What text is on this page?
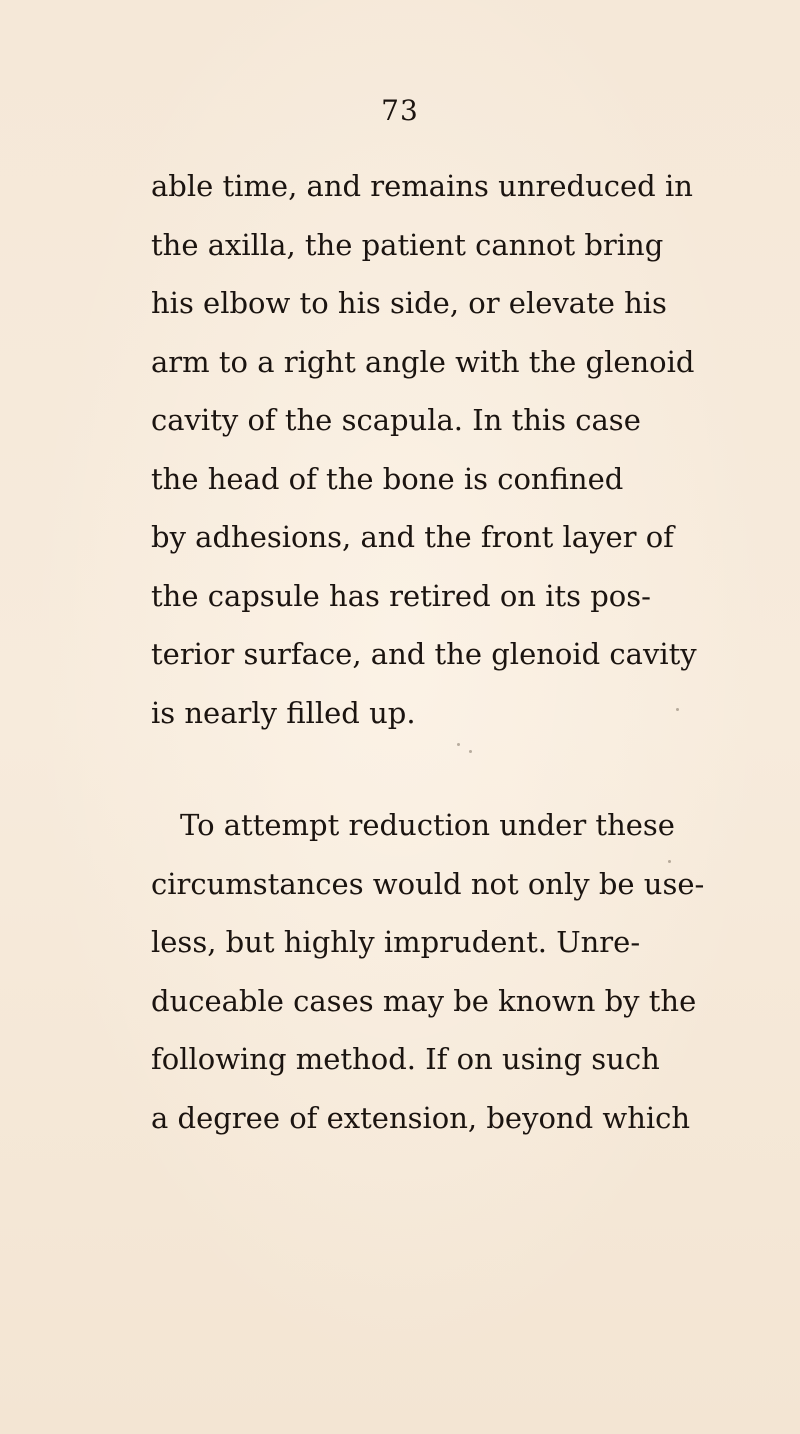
73
able time, and remains unreduced in
the axilla, the patient cannot bring
his elbow to his side, or elevate his
arm to a right angle with the glenoid
cavity of the scapula. In this case
the head of the bone is confined
by adhesions, and the front layer of
the capsule has retired on its pos-
terior surface, and the glenoid cavity
is nearly filled up.
To attempt reduction under these
circumstances would not only be use-
less, but highly imprudent. Unre-
duceable cases may be known by the
following method. If on using such
a degree of extension, beyond which
